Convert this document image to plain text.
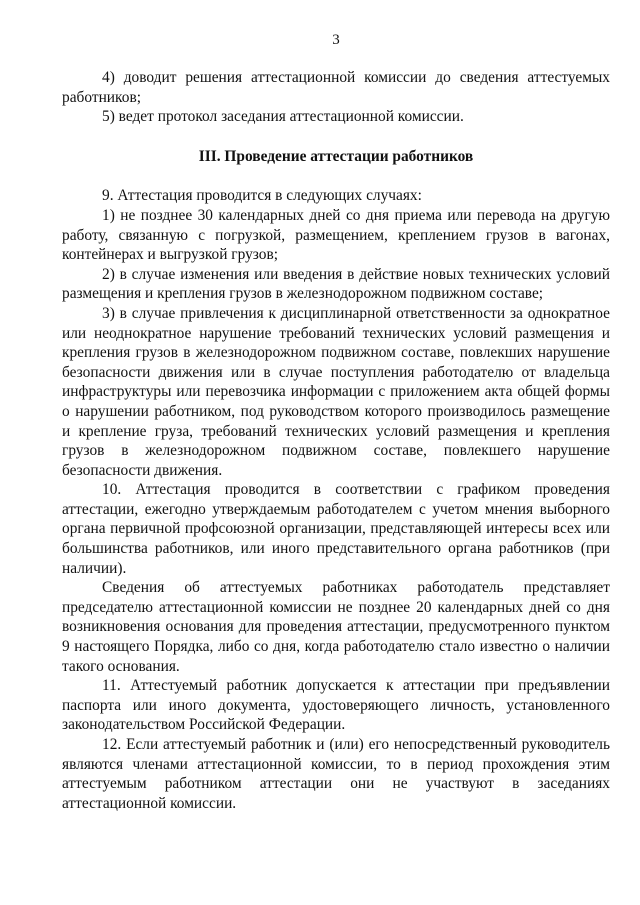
3

4) доводит решения аттестационной комиссии до сведения аттестуемых работников;

5) ведет протокол заседания аттестационной комиссии.

III. Проведение аттестации работников

9. Аттестация проводится в следующих случаях:

1) не позднее 30 календарных дней со дня приема или перевода на другую работу, связанную с погрузкой, размещением, креплением грузов в вагонах, контейнерах и выгрузкой грузов;

2) в случае изменения или введения в действие новых технических условий размещения и крепления грузов в железнодорожном подвижном составе;

3) в случае привлечения к дисциплинарной ответственности за однократное или неоднократное нарушение требований технических условий размещения и крепления грузов в железнодорожном подвижном составе, повлекших нарушение безопасности движения или в случае поступления работодателю от владельца инфраструктуры или перевозчика информации с приложением акта общей формы о нарушении работником, под руководством которого производилось размещение и крепление груза, требований технических условий размещения и крепления грузов в железнодорожном подвижном составе, повлекшего нарушение безопасности движения.

10. Аттестация проводится в соответствии с графиком проведения аттестации, ежегодно утверждаемым работодателем с учетом мнения выборного органа первичной профсоюзной организации, представляющей интересы всех или большинства работников, или иного представительного органа работников (при наличии).

Сведения об аттестуемых работниках работодатель представляет председателю аттестационной комиссии не позднее 20 календарных дней со дня возникновения основания для проведения аттестации, предусмотренного пунктом 9 настоящего Порядка, либо со дня, когда работодателю стало известно о наличии такого основания.

11. Аттестуемый работник допускается к аттестации при предъявлении паспорта или иного документа, удостоверяющего личность, установленного законодательством Российской Федерации.

12. Если аттестуемый работник и (или) его непосредственный руководитель являются членами аттестационной комиссии, то в период прохождения этим аттестуемым работником аттестации они не участвуют в заседаниях аттестационной комиссии.
